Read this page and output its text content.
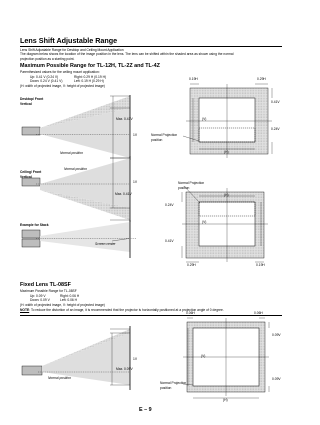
Lens Shift Adjustable Range
Lens Shift Adjustable Range for Desktop and Ceiling Mount Application
The diagram below shows the location of the image position in the lens. The lens can be shifted within the shaded area as shown using the normal
projection position as a starting point.
Maximum Possible Range for TL-12H, TL-2Z and TL-4Z
Parenthesized values for the ceiling mount application:
Up: 0.41 V (0.24 V)	Right: 0.29 H (0.19 H)
Down: 0.24 V (0.41 V)	Left: 0.19 H (0.29 H)
(H: width of projected image, V: height of projected image)
Desktop/ Front
Vertical
Max. 0.41V
1V
Normal position
0.19H	0.29H
0.41V
0.24V
(V)
(H)
Normal Projection
position
Ceiling/ Front
Vertical
Normal position
1V
Max. 0.41V
Normal Projection
position
(H)
0.24V
(V)
0.41V
0.29H	0.19H
Example for Stack
Screen center
Fixed Lens TL-08SF
Maximum Possible Range for TL-08SF
Up: 0.09 V	Right: 0.06 H
Down: 0.09 V	Left: 0.06 H
(H: width of projected image, V: height of projected image)
NOTE: To reduce the distortion of an image, it is recommended that the projector is horizontally positioned at a projection angle of 0 degree.
1V
Max. 0.09V
Normal position
0.06H	0.06H
0.09V
0.09V
(V)
(H)
Normal Projection
position
E – 9
